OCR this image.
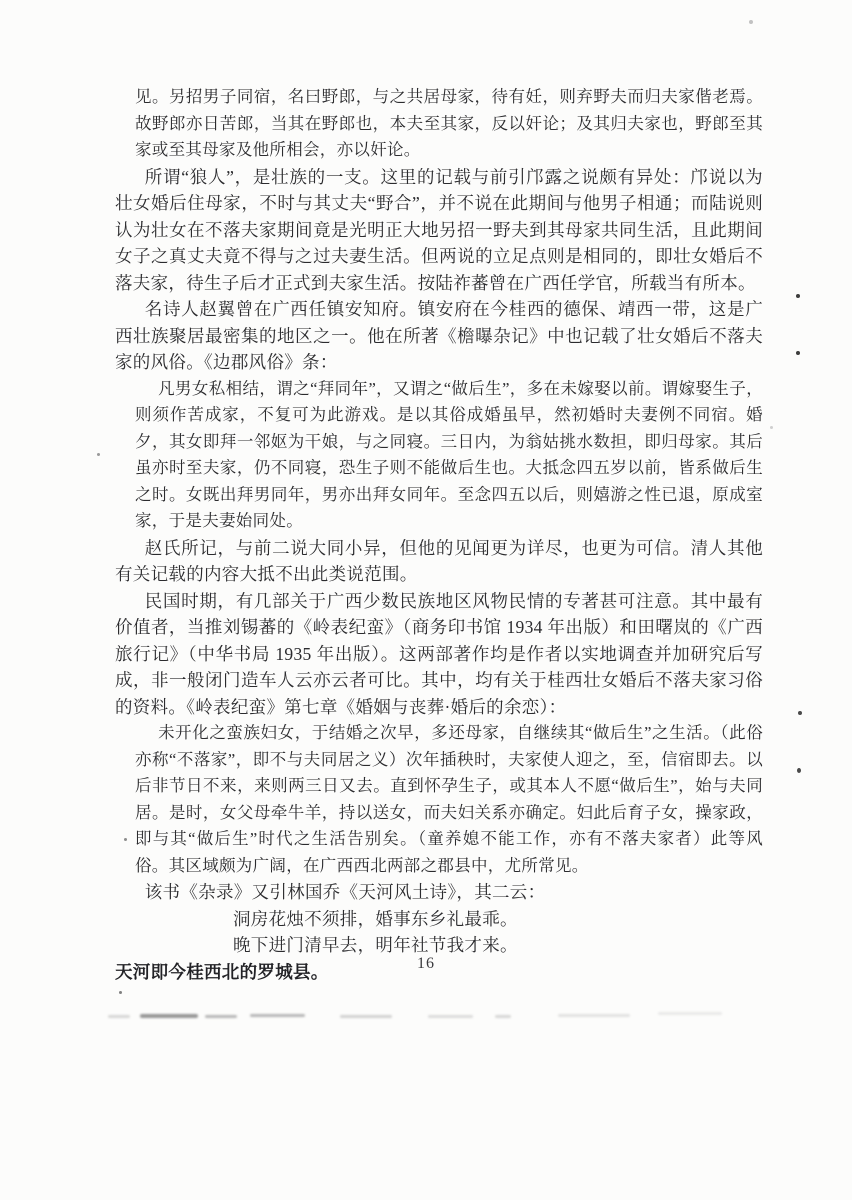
见。另招男子同宿，名曰野郎，与之共居母家，待有妊，则弃野夫而归夫家偕老焉。故野郎亦日苦郎，当其在野郎也，本夫至其家，反以奸论；及其归夫家也，野郎至其家或至其母家及他所相会，亦以奸论。

所谓“狼人”，是壮族的一支。这里的记载与前引邝露之说颇有异处：邝说以为壮女婚后住母家，不时与其丈夫“野合”，并不说在此期间与他男子相通；而陆说则认为壮女在不落夫家期间竟是光明正大地另招一野夫到其母家共同生活，且此期间女子之真丈夫竟不得与之过夫妻生活。但两说的立足点则是相同的，即壮女婚后不落夫家，待生子后才正式到夫家生活。按陆祚蕃曾在广西任学官，所载当有所本。

名诗人赵翼曾在广西任镇安知府。镇安府在今桂西的德保、靖西一带，这是广西壮族聚居最密集的地区之一。他在所著《檐曝杂记》中也记载了壮女婚后不落夫家的风俗。《边郡风俗》条：

凡男女私相结，谓之“拜同年”，又谓之“做后生”，多在未嫁娶以前。谓嫁娶生子，则须作苦成家，不复可为此游戏。是以其俗成婚虽早，然初婚时夫妻例不同宿。婚夕，其女即拜一邻妪为干娘，与之同寝。三日内，为翁姑挑水数担，即归母家。其后虽亦时至夫家，仍不同寝，恐生子则不能做后生也。大抵念四五岁以前，皆系做后生之时。女既出拜男同年，男亦出拜女同年。至念四五以后，则嬉游之性已退，原成室家，于是夫妻始同处。

赵氏所记，与前二说大同小异，但他的见闻更为详尽，也更为可信。清人其他有关记载的内容大抵不出此类说范围。

民国时期，有几部关于广西少数民族地区风物民情的专著甚可注意。其中最有价值者，当推刘锡蕃的《岭表纪蛮》（商务印书馆 1934 年出版）和田曙岚的《广西旅行记》（中华书局 1935 年出版）。这两部著作均是作者以实地调查并加研究后写成，非一般闭门造车人云亦云者可比。其中，均有关于桂西壮女婚后不落夫家习俗的资料。《岭表纪蛮》第七章《婚姻与丧葬·婚后的余恋）：

未开化之蛮族妇女，于结婚之次早，多还母家，自继续其“做后生”之生活。（此俗亦称“不落家”，即不与夫同居之义）次年插秧时，夫家使人迎之，至，信宿即去。以后非节日不来，来则两三日又去。直到怀孕生子，或其本人不愿“做后生”，始与夫同居。是时，女父母牵牛羊，持以送女，而夫妇关系亦确定。妇此后育子女，操家政，即与其“做后生”时代之生活告别矣。（童养媳不能工作，亦有不落夫家者）此等风俗。其区域颇为广阔，在广西西北两部之郡县中，尤所常见。

该书《杂录》又引林国乔《天河风土诗》，其二云：

洞房花烛不须排，婚事东乡礼最乖。

晚下进门清早去，明年社节我才来。

天河即今桂西北的罗城县。	16
